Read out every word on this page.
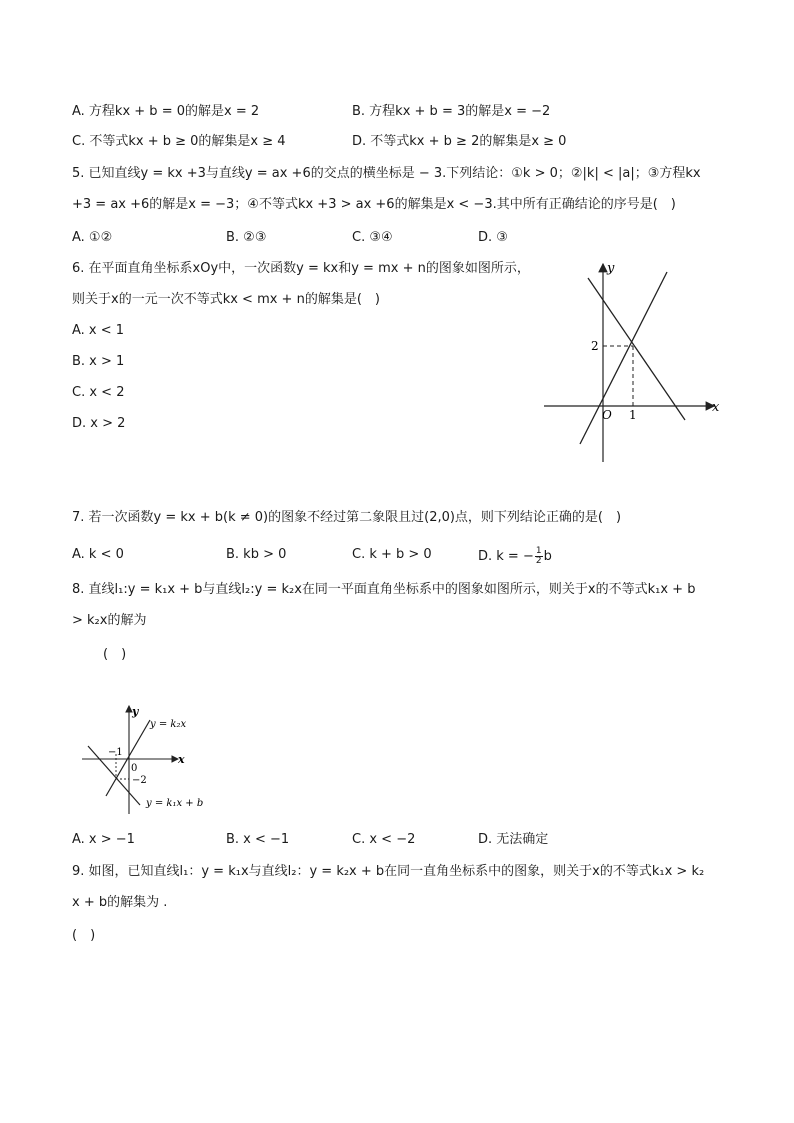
A. 方程kx + b = 0的解是x = 2	B. 方程kx + b = 3的解是x = −2
C. 不等式kx + b ≥ 0的解集是x ≥ 4	D. 不等式kx + b ≥ 2的解集是x ≥ 0
5. 已知直线y = kx +3与直线y = ax +6的交点的横坐标是 − 3.下列结论：①k > 0；②|k| < |a|；③方程kx
+3 = ax +6的解是x = −3；④不等式kx +3 > ax +6的解集是x < −3.其中所有正确结论的序号是(　)
A. ①②	B. ②③	C. ③④	D. ③
6. 在平面直角坐标系xOy中，一次函数y = kx和y = mx + n的图象如图所示，
则关于x的一元一次不等式kx < mx + n的解集是(　)
A. x < 1
B. x > 1
C. x < 2
D. x > 2
y
x
O 1
2
7. 若一次函数y = kx + b(k ≠ 0)的图象不经过第二象限且过(2,0)点，则下列结论正确的是(　)
A. k < 0	B. kb > 0	C. k + b > 0	D. k = − $\frac{1}{2}$ b
8. 直线l₁:y = k₁x + b与直线l₂:y = k₂x在同一平面直角坐标系中的图象如图所示，则关于x的不等式k₁x + b
> k₂x的解为
(　)
y
x
0
−1
−2
y = k₂x
y = k₁x + b
A. x > −1	B. x < −1	C. x < −2	D. 无法确定
9. 如图，已知直线l₁：y = k₁x与直线l₂：y = k₂x + b在同一直角坐标系中的图象，则关于x的不等式k₁x > k₂
x + b的解集为 .
(　)
